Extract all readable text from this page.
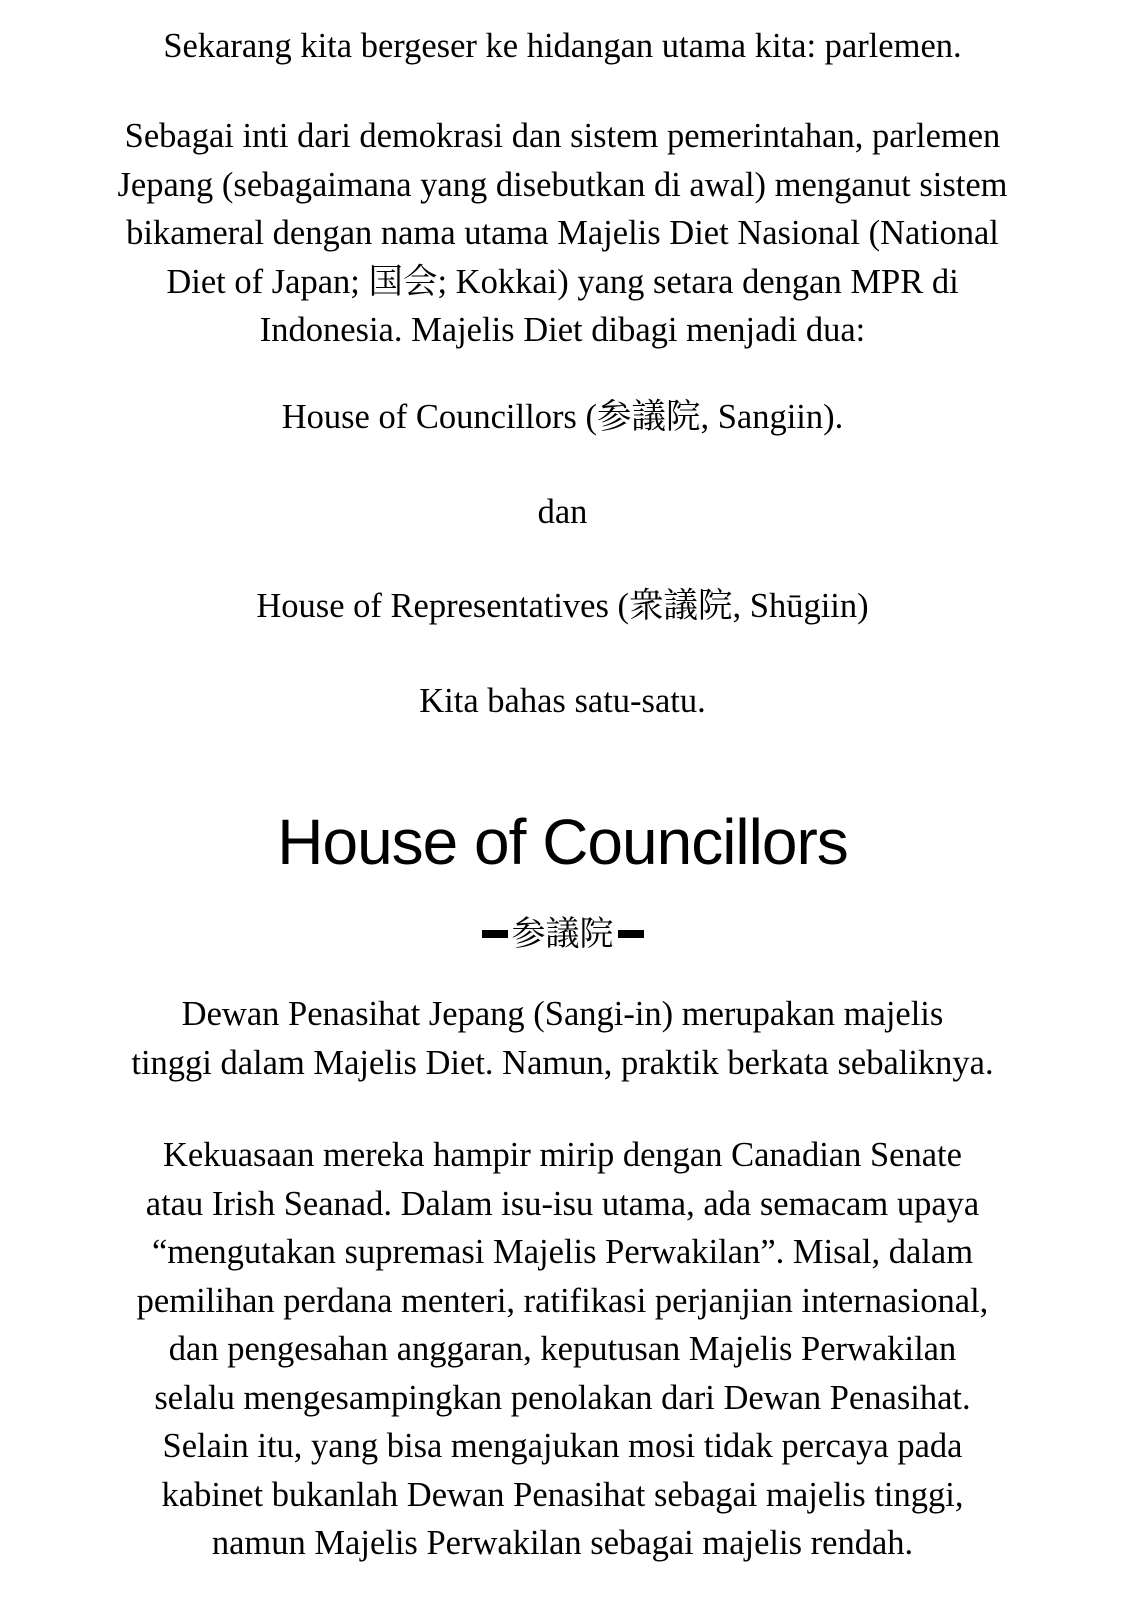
Sekarang kita bergeser ke hidangan utama kita: parlemen.

Sebagai inti dari demokrasi dan sistem pemerintahan, parlemen
Jepang (sebagaimana yang disebutkan di awal) menganut sistem
bikameral dengan nama utama Majelis Diet Nasional (National
Diet of Japan; 国会; Kokkai) yang setara dengan MPR di
Indonesia. Majelis Diet dibagi menjadi dua:

House of Councillors (参議院, Sangiin).

dan

House of Representatives (衆議院, Shūgiin)

Kita bahas satu-satu.

House of Councillors
参議院

Dewan Penasihat Jepang (Sangi-in) merupakan majelis
tinggi dalam Majelis Diet. Namun, praktik berkata sebaliknya.

Kekuasaan mereka hampir mirip dengan Canadian Senate
atau Irish Seanad. Dalam isu-isu utama, ada semacam upaya
“mengutakan supremasi Majelis Perwakilan”. Misal, dalam
pemilihan perdana menteri, ratifikasi perjanjian internasional,
dan pengesahan anggaran, keputusan Majelis Perwakilan
selalu mengesampingkan penolakan dari Dewan Penasihat.
Selain itu, yang bisa mengajukan mosi tidak percaya pada
kabinet bukanlah Dewan Penasihat sebagai majelis tinggi,
namun Majelis Perwakilan sebagai majelis rendah.
